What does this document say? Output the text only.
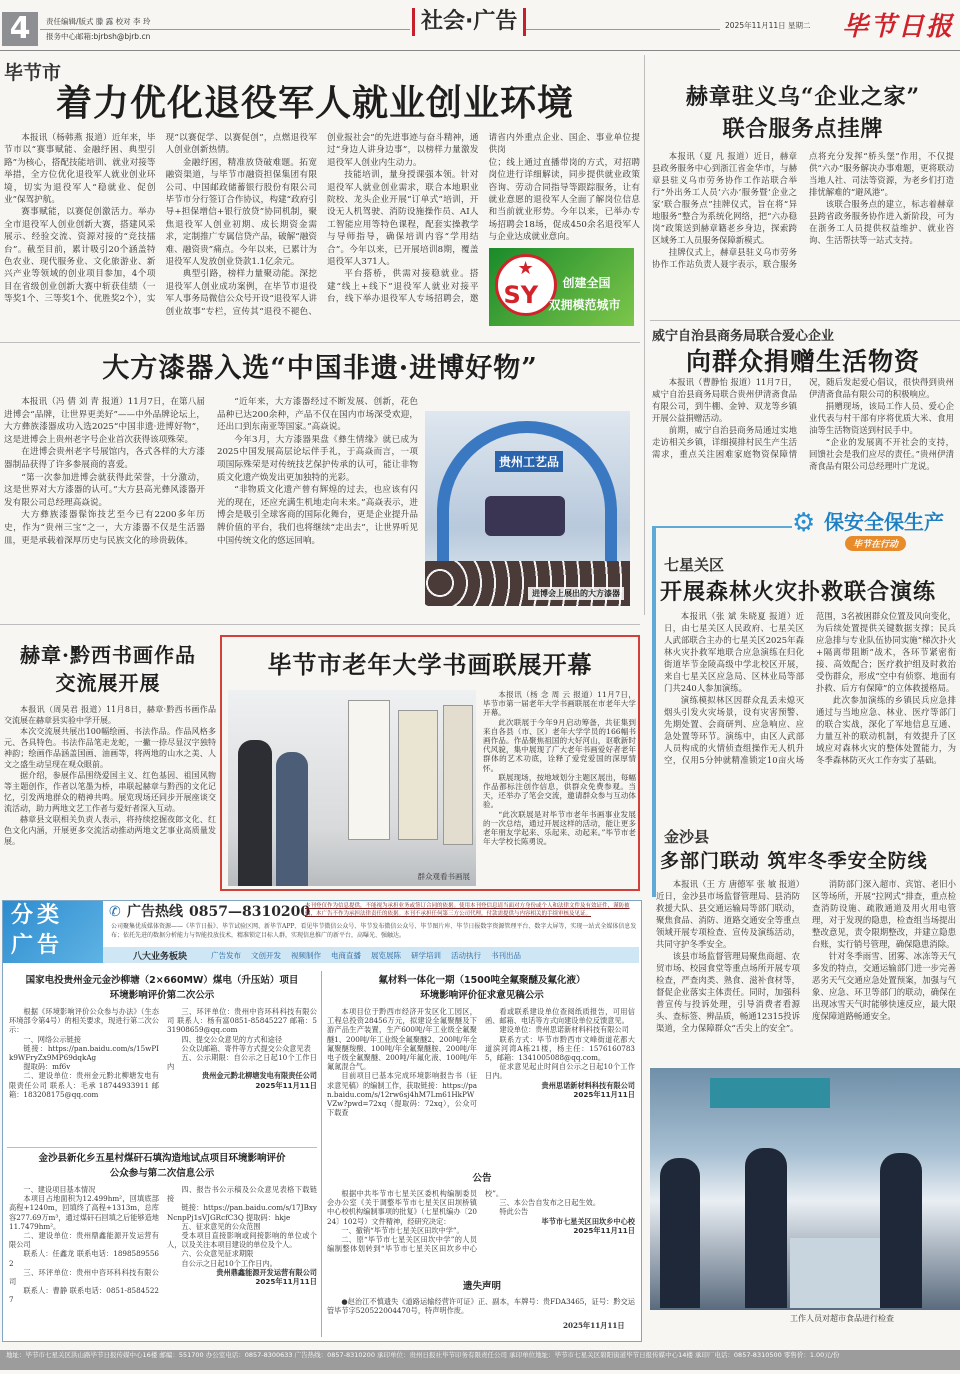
4	责任编辑/版式 滕 露 校对 李 玲
报务中心邮箱:bjrbsh@bjrb.cn
社会·广告	2025年11月11日 星期二 毕节日报
毕节市
着力优化退役军人就业创业环境

本报讯（杨韩燕 报道）近年来，毕节市以“赛事赋能、金融纾困、典型引路”为核心，搭配技能培训、就业对接等举措，全方位优化退役军人就业创业环境，切实为退役军人“稳就业、促创业”保驾护航。

赛事赋能，以赛促创激活力。举办全市退役军人创业创新大赛，搭建风采展示、经验交流、资源对接的“竞技擂台”。截至目前，累计吸引20个涵盖特色农业、现代服务业、文化旅游业、新兴产业等领域的创业项目参加，4个项目在省级创业创新大赛中斩获佳绩（一等奖1个、三等奖1个、优胜奖2个），实现“以赛促学、以赛促创”，点燃退役军人创业创新热情。

金融纾困，精准放贷破难题。拓宽融资渠道，与毕节市融资担保集团有限公司、中国邮政储蓄银行股份有限公司毕节市分行签订合作协议，构建“政府引导+担保增信+银行放贷”协同机制，聚焦退役军人创业初期、成长期资金需求，定制推广专属信贷产品，破解“融资难、融资贵”痛点。今年以来，已累计为退役军人发放创业贷款1.1亿余元。

典型引路，榜样力量聚动能。深挖退役军人创业成功案例，在毕节市退役军人事务局微信公众号开设“退役军人讲创业故事”专栏，宣传其“退役不褪色、创业报社会”的先进事迹与奋斗精神，通过“身边人讲身边事”，以榜样力量激发退役军人创业内生动力。

技能培训，量身授课强本领。针对退役军人就业创业需求，联合本地职业院校、龙头企业开展“订单式”培训，开设无人机驾驶、消防设施操作员、AI人工智能应用等特色课程，配套实操教学与导师指导，确保培训内容“学用结合”。今年以来，已开展培训8期，覆盖退役军人371人。

平台搭桥，供需对接稳就业。搭建“线上+线下”退役军人就业对接平台，线下举办退役军人专场招聘会，邀请省内外重点企业、国企、事业单位提供岗

位；线上通过直播带岗的方式，对招聘岗位进行详细解读，同步提供就业政策咨询、劳动合同指导等跟踪服务，让有就业意愿的退役军人全面了解岗位信息和当前就业形势。今年以来，已举办专场招聘会18场，促成450余名退役军人与企业达成就业意向。

★
SY 创建全国
双拥模范城市
赫章驻义乌“企业之家”
联合服务点挂牌

本报讯（夏 凡 报道）近日，赫章县政务服务中心到浙江省金华市，与赫章县驻义乌市劳务协作工作站联合举行“外出务工人员‘六办’服务暨‘企业之家’联合服务点”挂牌仪式，旨在将“异地服务”整合为系统化网络，把“六办稳岗”政策送到赫章籍老乡身边，探索跨区域务工人员服务保障新模式。

挂牌仪式上，赫章县驻义乌市劳务协作工作站负责人聂宇表示，联合服务点将充分发挥“桥头堡”作用，不仅提供“六办”服务解决办事难题，更将联动当地人社、司法等资源，为老乡们打造排忧解难的“避风港”。

该联合服务点的建立，标志着赫章县跨省政务服务协作进入新阶段，可为在浙务工人员提供权益维护、就业咨询、生活帮扶等一站式支持。

威宁自治县商务局联合爱心企业
向群众捐赠生活物资

本报讯（曹静怡 报道）11月7日，威宁自治县商务局联合贵州伊清斋食品有限公司，到牛棚、金钟、双龙等乡镇开展公益捐赠活动。

前期，威宁自治县商务局通过实地走访相关乡镇，详细摸排村民生产生活需求，重点关注困难家庭物资保障情况，随后发起爱心倡议，很快得到贵州伊清斋食品有限公司的积极响应。

捐赠现场，该局工作人员、爱心企业代表与村干部有序将优质大米、食用油等生活物资送到村民手中。

“企业的发展离不开社会的支持，回馈社会是我们应尽的责任。”贵州伊清斋食品有限公司总经理叶广龙说。

⚙ 保安全保生产
毕节在行动
七星关区
开展森林火灾扑救联合演练

本报讯（张 斌 朱晓夏 报道）近日，由七星关区人民政府、七星关区人武部联合主办的七星关区2025年森林火灾扑救军地联合应急演练在归化街道毕节金陵高级中学北校区开展，来自七星关区应急局、区林业局等部门共240人参加演练。

演练模拟林区因群众乱丢未熄灭烟头引发火灾场景，设有灾害预警、先期处置、会商研判、应急响应、应急处置等环节。演练中，由区人武部人员构成的火情侦查组操作无人机升空，仅用5分钟就精准锁定10亩火场范围，3名被困群众位置及风向变化，为后续处置提供关键数据支撑；民兵应急排与专业队伍协同实施“梯次扑火+隔离带阻断”战术，各环节紧密衔接、高效配合；医疗救护组及时救治受伤群众，形成“空中有侦察、地面有扑救、后方有保障”的立体救援格局。

此次参加演练的乡镇民兵应急排通过与当地应急、林业、医疗等部门的联合实战，深化了军地信息互通、力量互补的联动机制，有效提升了区域应对森林火灾的整体处置能力，为冬季森林防灭火工作夯实了基础。

金沙县
多部门联动 筑牢冬季安全防线

本报讯（王 方 唐德军 张 敏 报道）近日，金沙县市场监督管理局、县消防救援大队、县交通运输局等部门联动，聚焦食品、消防、道路交通安全等重点领域开展专项检查、宣传及演练活动，共同守护冬季安全。

该县市场监督管理局聚焦商超、农贸市场、校园食堂等重点场所开展专项检查，严查肉类、熟食、滋补食材等，督促企业落实主体责任。同时，加强科普宣传与投诉处理，引导消费者看源头、查标签、辨品质，畅通12315投诉渠道，全力保障群众“舌尖上的安全”。

消防部门深入超市、宾馆、老旧小区等场所，开展“拉网式”排查，重点检查消防设施、疏散通道及用火用电管理，对于发现的隐患，检查组当场提出整改意见，责令限期整改，并建立隐患台账，实行销号管理，确保隐患消除。

针对冬季雨雪、团雾、冰冻等天气多发的特点，交通运输部门进一步完善恶劣天气交通应急处置预案，加强与气象、应急、环卫等部门的联动，确保在出现冰雪天气时能够快速反应，最大限度保障道路畅通安全。

工作人员对超市食品进行检查
大方漆器入选“中国非遗·进博好物”

本报讯（冯 倩 刘 青 报道）11月7日，在第八届进博会“品牌，让世界更美好”——中外品牌论坛上，大方彝族漆器成功入选2025“中国非遗·进博好物”，这是进博会上贵州老字号企业首次获得该项殊荣。

在进博会贵州老字号展馆内，各式各样的大方漆器制品获得了许多参展商的喜爱。

“第一次参加进博会就获得此荣誉，十分激动，这是世界对大方漆器的认可。”大方县高光彝风漆器开发有限公司总经理高焱说。

大方彝族漆器髹饰技艺至今已有2200多年历史，作为“贵州三宝”之一，大方漆器不仅是生活器皿，更是承载着深厚历史与民族文化的珍贵载体。

“近年来，大方漆器经过不断发展、创新，花色品种已达200余种，产品不仅在国内市场深受欢迎，还出口到东南亚等国家。”高焱说。

今年3月，大方漆器果盘《彝生情缘》就已成为2025中国发展高层论坛伴手礼，于高焱而言，一项项国际殊荣是对传统技艺保护传承的认可，能让非物质文化遗产焕发出更加独特的光彩。

“非物质文化遗产曾有辉煌的过去，也应该有闪光的现在，还应充满生机地走向未来。”高焱表示，进博会是吸引全球客商的国际化舞台，更是企业提升品牌价值的平台，我们也将继续“走出去”，让世界听见中国传统文化的悠远回响。

贵州工艺品
进博会上展出的大方漆器
赫章·黔西书画作品
交流展开展

本报讯（周昊君 报道）11月8日，赫章·黔西书画作品交流展在赫章县实验中学开展。

本次交流展共展出100幅绘画、书法作品。作品风格多元、各具特色。书法作品笔走龙蛇，一撇一捺尽显汉字独特神韵；绘画作品涵盖国画、油画等，将两地的山水之美、人文之盛生动呈现在观众眼前。

据介绍，参展作品围绕爱国主义、红色基因、祖国风物等主题创作，作者以笔墨为桥，串联起赫章与黔西的文化记忆，引发两地群众的精神共鸣。展览现场还同步开展座谈交流活动，助力两地文艺工作者与爱好者深入互动。

赫章县文联相关负责人表示，将持续挖掘夜郎文化、红色文化内涵，开展更多交流活动推动两地文艺事业高质量发展。

毕节市老年大学书画联展开幕
群众观看书画展

本报讯（杨 念 周 云 报道）11月7日，毕节市第一届老年大学书画联展在市老年大学开幕。

此次联展于今年9月启动筹备，共征集到来自各县（市、区）老年大学学员的166幅书画作品。作品聚焦祖国的大好河山，讴歌新时代风貌，集中展现了广大老年书画爱好者老年群体的艺术功底，诠释了爱党爱国的深厚情怀。

联展现场，按地域划分主题区展出，每幅作品都标注创作信息，供群众免费参观。当天，还举办了笔会交流，邀请群众参与互动体验。

“此次联展是对毕节市老年书画事业发展的一次总结，通过开展这样的活动，能让更多老年朋友学起来、乐起来、动起来。”毕节市老年大学校长陈勇说。

分类
广告
✆ 广告热线 0857—8310200
本刊登仅作为信息提供，不能视为承担业务或签订合同的依据。使用本刊登信息请当面对方身份或个人和法律文件及有效证件，谨防被骗，本广告不作为承担法律责任的依据。本刊不承担任何第三方公司代理，付款需提供与内容相关的手续审核及见证。
公司聚集优质媒体资源——《毕节日报》、毕节试验区网、新毕节APP、看见毕节微信公众号、毕节发布微信公众号、毕节图片库、毕节日报数字资源管理平台、数字大屏等，实现一站式全媒体信息发布；依托先进的数据分析能力与智能投放技术，精准锁定目标人群，实现信息推广的新平台，高曝光、强触达。
八大业务板块	广告发布 文创开发 视频制作 电商直播 展览展陈 研学培训 活动执行 书刊出品
国家电投贵州金元金沙柳塘（2×660MW）煤电（升压站）项目
环境影响评价第二次公示

根据《环境影响评价公众参与办法》（生态环境部令第4号）的相关要求，现进行第二次公示：

一、网络公示链接

链接：https://pan.baidu.com/s/15wPIk9WFryZx9MP69dqkAg

提取码：mf6v

二、建设单位：贵州金元黔北柳塘发电有限责任公司 联系人：毛承 18744933911 邮箱：183208175@qq.com

三、环评单位：贵州中咨环科科技有限公司 联系人：杨有富0851-85845227 邮箱：531908659@qq.com

四、提交公众意见的方式和途径

公众以邮箱、寄件等方式提交公众意见表

五、公示期限：自公示之日起10个工作日内

贵州金元黔北柳塘发电有限责任公司

2025年11月11日

氟材料一体化一期（1500吨全氟聚醚及氟化液）
环境影响评价征求意见稿公示

本项目位于黔西市经济开发区化工园区，工程总投资28456万元，拟建设全氟聚醚及下游产品生产装置，生产600吨/年工业级全氟聚醚1、200吨/年工业级全氟聚醚2、200吨/年全氟聚醚羧酸、100吨/年全氟聚醚胺、200吨/年电子级全氟聚醚、200吨/年氟化液、100吨/年氟氮混合气。

目前项目已基本完成环境影响报告书（征求意见稿）的编制工作，获取链接：https://pan.baidu.com/s/12rw6sj4hM7Lm61HkPWVZw?pwd=72xq（提取码：72xq），公众可下载查

看或联系建设单位查阅纸质报告，可用信函、邮箱、电话等方式向建设单位反馈意见。

建设单位：贵州思诺新材料科技有限公司

联系方式：毕节市黔西市文峰街道花都大道滨河湾A栋21楼，杨主任：15761607835，邮箱：1341005088@qq.com。

征求意见起止时间自公示之日起10个工作日内。

贵州思诺新材料科技有限公司

2025年11月11日

金沙县新化乡五星村煤矸石填沟造地试点项目环境影响评价
公众参与第二次信息公示

一、建设项目基本情况

本项目占地面积为12.499hm²，回填底部高程+1240m，回填终了高程+1313m，总库容277.69万m³，通过煤矸石回填之后能够造地11.7479hm²。

二、建设单位：贵州鼎鑫能源开发运营有限公司

联系人：任鑫龙 联系电话：18985895562

三、环评单位：贵州中咨环科科技有限公司

联系人：曹静 联系电话：0851-85845227

四、报告书公示稿及公众意见表格下载链接

链接：https://pan.baidu.com/s/17JBxyNcnpPj1sVJGRcfC3Q 提取码：hkje

五、征求意见的公众范围

受本项目直接影响或间接影响的单位或个人，以及关注本项目建设的单位及个人。

六、公众意见征求期限

自公示之日起10个工作日内。

贵州鼎鑫能源开发运营有限公司

2025年11月11日

公告

根据中共毕节市七星关区委机构编制委员会办公室《关于调整毕节市七星关区田坝桥镇中心校机构编制事项的批复》（七星机编办〔2024〕102号）文件精神，经研究决定：

一、撤销“毕节市七星关区田坎中学”。

二、原“毕节市七星关区田坎中学”的人员编制整体划转到“毕节市七星关区田坎乡中心校”。

三、本公告自发布之日起生效。

特此公告

毕节市七星关区田坎乡中心校

2025年11月11日

遗失声明
●赵治江不慎遗失《道路运输经营许可证》正、副本，车牌号：贵FDA3465，证号：黔交运管毕节字520522004470号，特声明作废。
2025年11月11日
地址：毕节市七星关区洪山路毕节日报传媒中心16楼 邮编：551700 办公室电话：0857-8300633 广告热线：0857-8310200 承印单位：贵州日报社毕节印务有限责任公司 承印单位地址：毕节市七星关区碧阳街道毕节日报传媒中心14楼 承印厂电话：0857-8310500 零售价：1.00元/份
